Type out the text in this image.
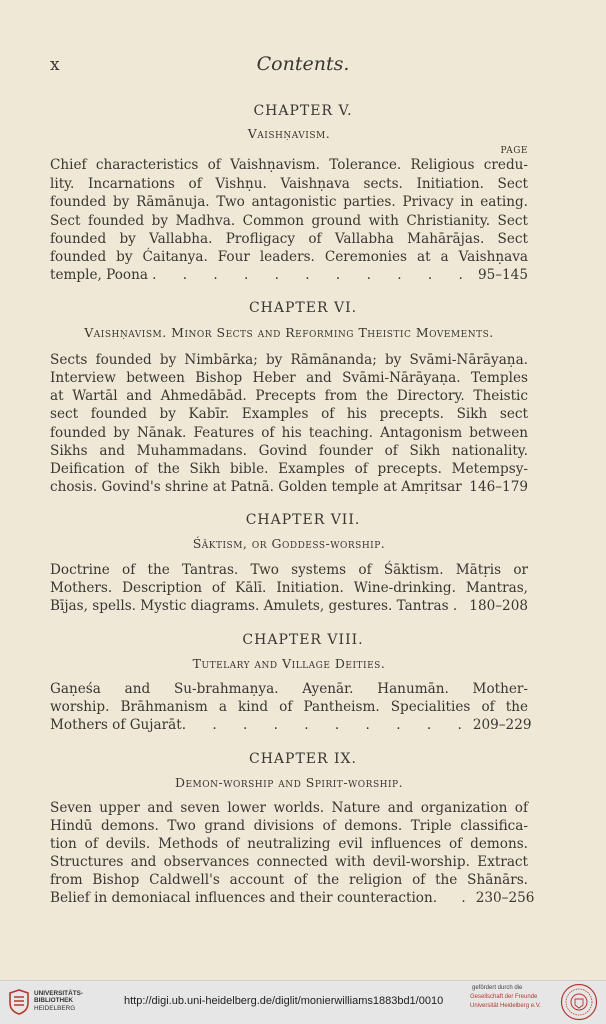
x	Contents.
CHAPTER V.
Vaishṇavism.
PAGE
Chief characteristics of Vaishṇavism. Tolerance. Religious credu-
lity. Incarnations of Vishṇu. Vaishṇava sects. Initiation. Sect
founded by Rāmānuja. Two antagonistic parties. Privacy in eating.
Sect founded by Madhva. Common ground with Christianity. Sect
founded by Vallabha. Profligacy of Vallabha Mahārājas. Sect
founded by Ćaitanya. Four leaders. Ceremonies at a Vaishṇava
temple, Poona . . . . . . . . . . . 95–145
CHAPTER VI.
Vaishṇavism. Minor Sects and Reforming Theistic Movements.
Sects founded by Nimbārka; by Rāmānanda; by Svāmi-Nārāyaṇa.
Interview between Bishop Heber and Svāmi-Nārāyaṇa. Temples
at Wartāl and Ahmedābād. Precepts from the Directory. Theistic
sect founded by Kabīr. Examples of his precepts. Sikh sect
founded by Nānak. Features of his teaching. Antagonism between
Sikhs and Muhammadans. Govind founder of Sikh nationality.
Deification of the Sikh bible. Examples of precepts. Metempsy-
chosis. Govind's shrine at Patnā. Golden temple at Amṛitsar 146–179
CHAPTER VII.
Śāktism, or Goddess-worship.
Doctrine of the Tantras. Two systems of Śāktism. Mātṛis or
Mothers. Description of Kālī. Initiation. Wine-drinking. Mantras,
Bījas, spells. Mystic diagrams. Amulets, gestures. Tantras . 180–208
CHAPTER VIII.
Tutelary and Village Deities.
Gaṇeśa and Su-brahmaṇya. Ayenār. Hanumān. Mother-
worship. Brāhmanism a kind of Pantheism. Specialities of the
Mothers of Gujarāt . . . . . . . . . . 209–229
CHAPTER IX.
Demon-worship and Spirit-worship.
Seven upper and seven lower worlds. Nature and organization of
Hindū demons. Two grand divisions of demons. Triple classifica-
tion of devils. Methods of neutralizing evil influences of demons.
Structures and observances connected with devil-worship. Extract
from Bishop Caldwell's account of the religion of the Shānārs.
Belief in demoniacal influences and their counteraction . . 230–256
UNIVERSITÄTS-
BIBLIOTHEK
HEIDELBERG
http://digi.ub.uni-heidelberg.de/diglit/monierwilliams1883bd1/0010
gefördert durch die
Gesellschaft der Freunde
Universität Heidelberg e.V.
